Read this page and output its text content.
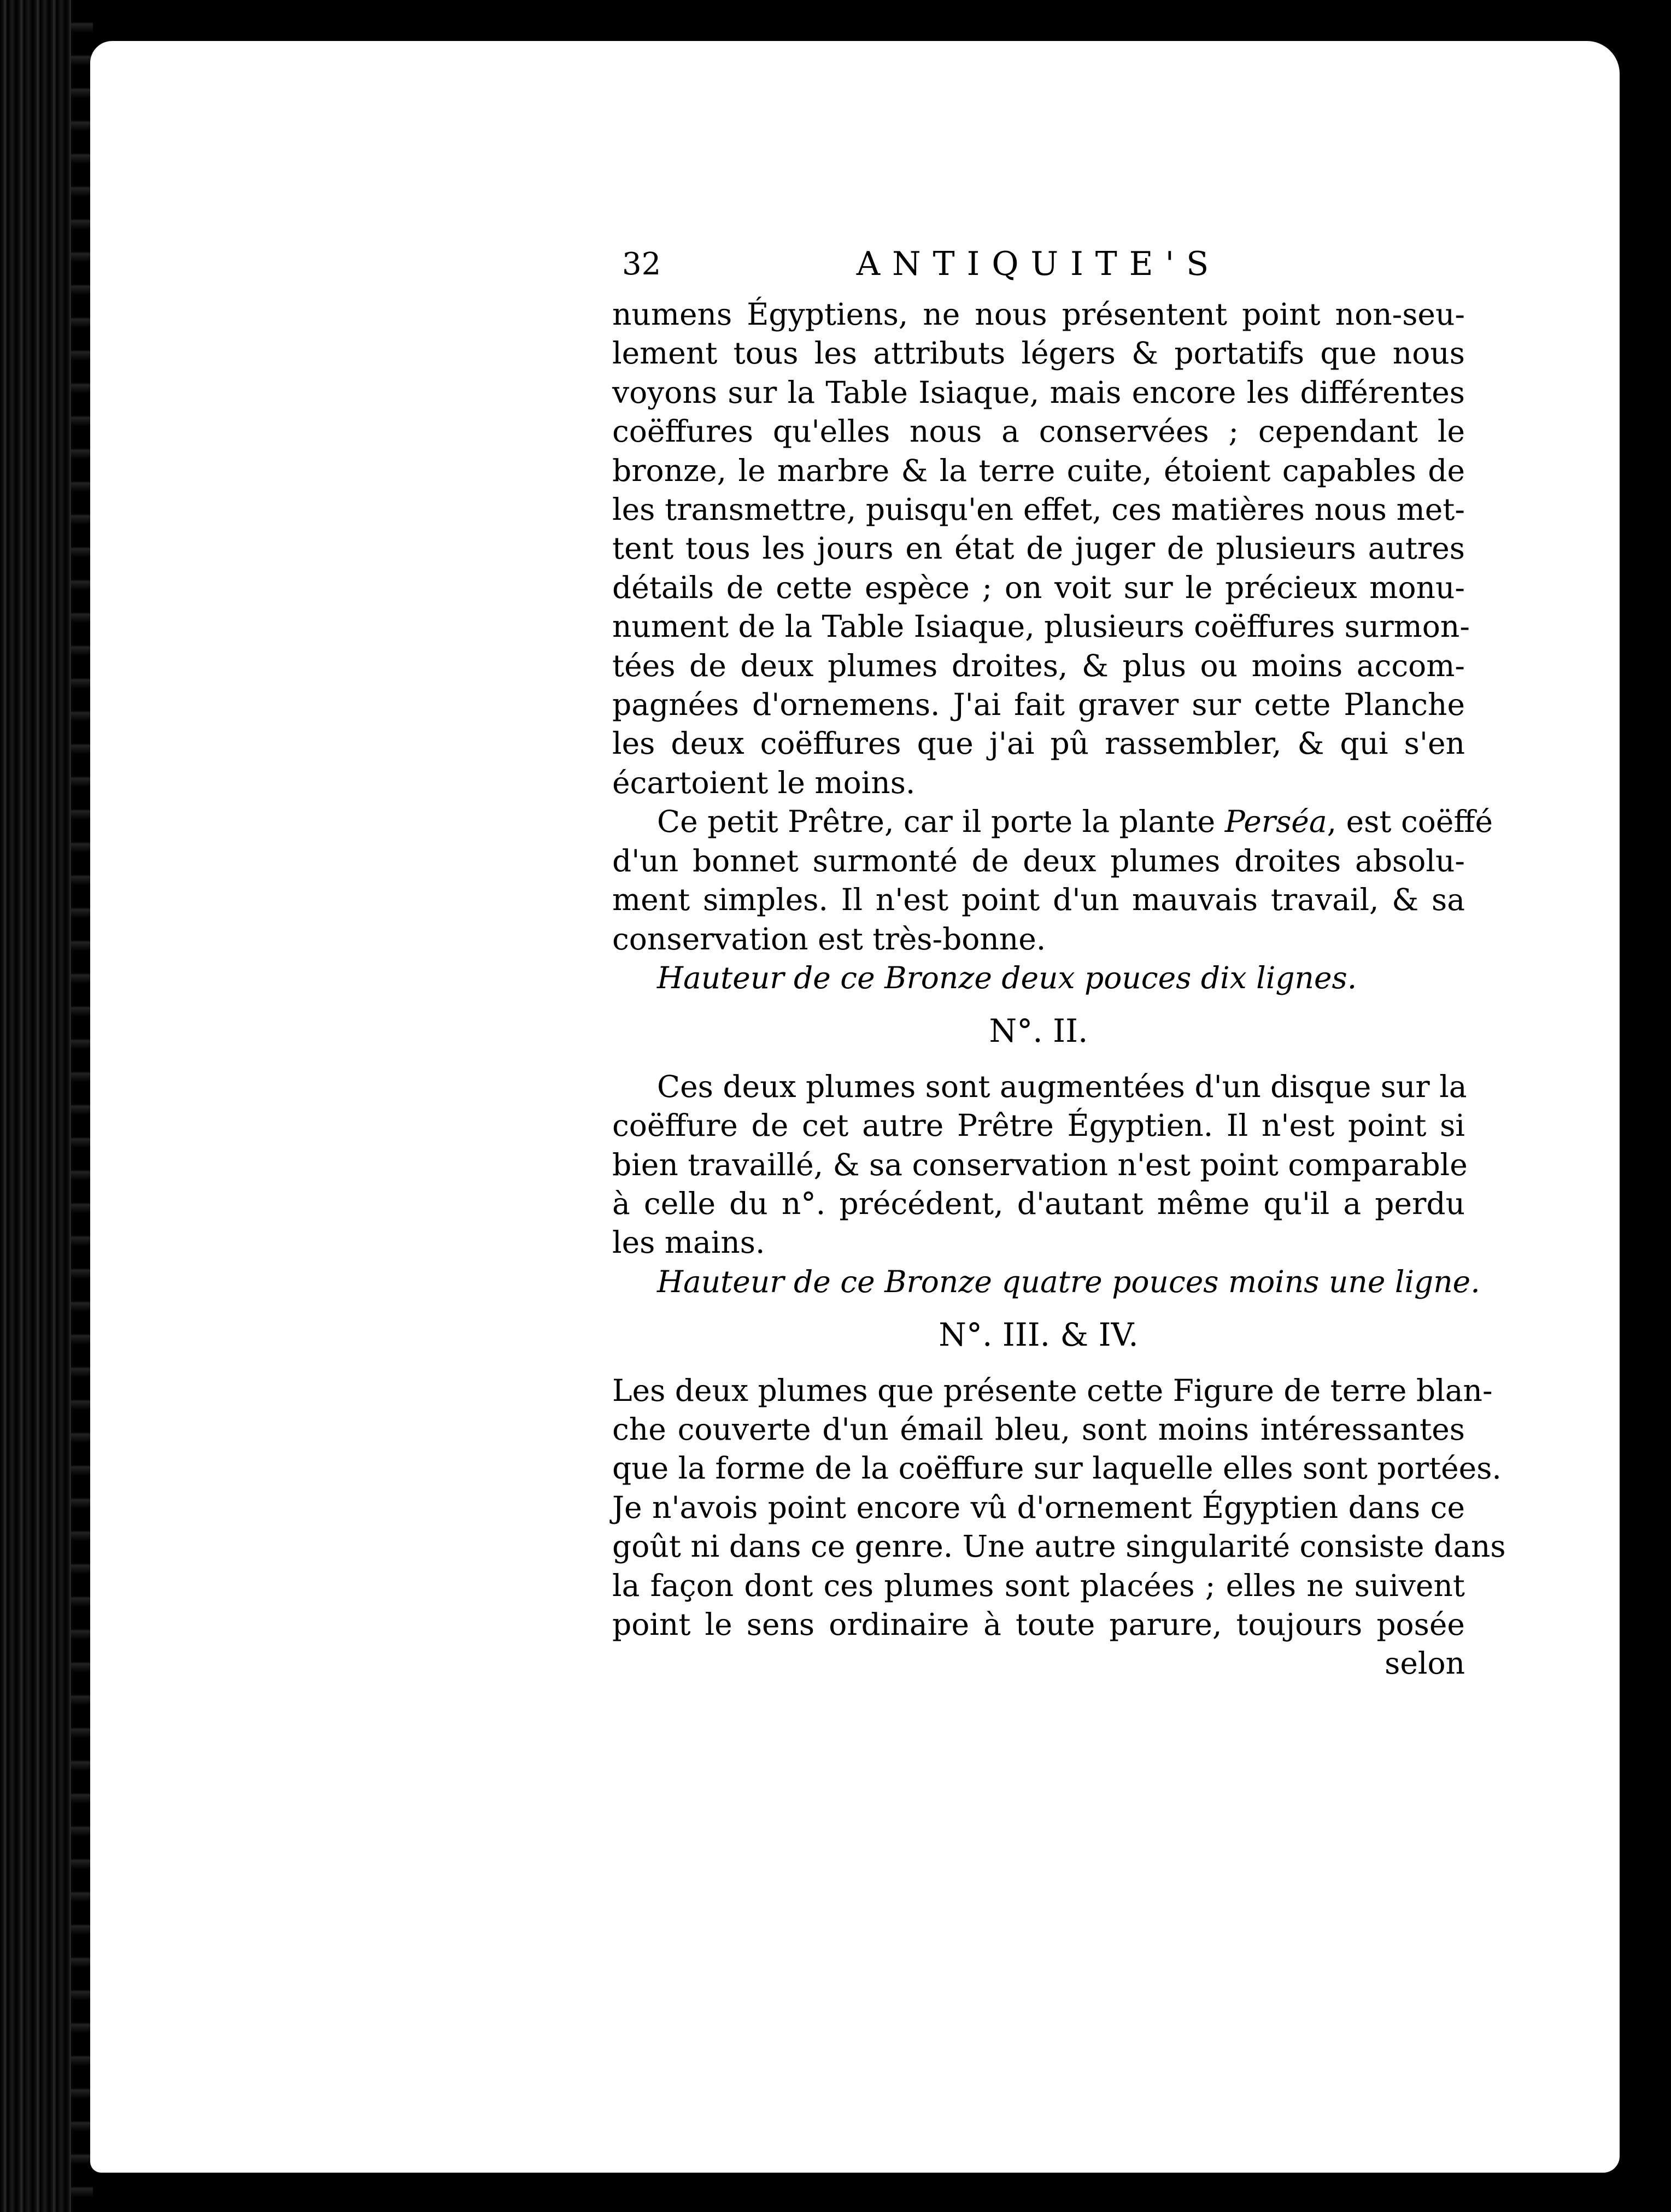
32	ANTIQUITE'S
numens Égyptiens, ne nous présentent point non-seu-
lement tous les attributs légers & portatifs que nous
voyons sur la Table Isiaque, mais encore les différentes
coëffures qu'elles nous a conservées ; cependant le
bronze, le marbre & la terre cuite, étoient capables de
les transmettre, puisqu'en effet, ces matières nous met-
tent tous les jours en état de juger de plusieurs autres
détails de cette espèce ; on voit sur le précieux monu-
nument de la Table Isiaque, plusieurs coëffures surmon-
tées de deux plumes droites, & plus ou moins accom-
pagnées d'ornemens. J'ai fait graver sur cette Planche
les deux coëffures que j'ai pû rassembler, & qui s'en
écartoient le moins.
Ce petit Prêtre, car il porte la plante Perséa, est coëffé
d'un bonnet surmonté de deux plumes droites absolu-
ment simples. Il n'est point d'un mauvais travail, & sa
conservation est très-bonne.
Hauteur de ce Bronze deux pouces dix lignes.
N°. II.
Ces deux plumes sont augmentées d'un disque sur la
coëffure de cet autre Prêtre Égyptien. Il n'est point si
bien travaillé, & sa conservation n'est point comparable
à celle du n°. précédent, d'autant même qu'il a perdu
les mains.
Hauteur de ce Bronze quatre pouces moins une ligne.
N°. III. & IV.
Les deux plumes que présente cette Figure de terre blan-
che couverte d'un émail bleu, sont moins intéressantes
que la forme de la coëffure sur laquelle elles sont portées.
Je n'avois point encore vû d'ornement Égyptien dans ce
goût ni dans ce genre. Une autre singularité consiste dans
la façon dont ces plumes sont placées ; elles ne suivent
point le sens ordinaire à toute parure, toujours posée
selon
